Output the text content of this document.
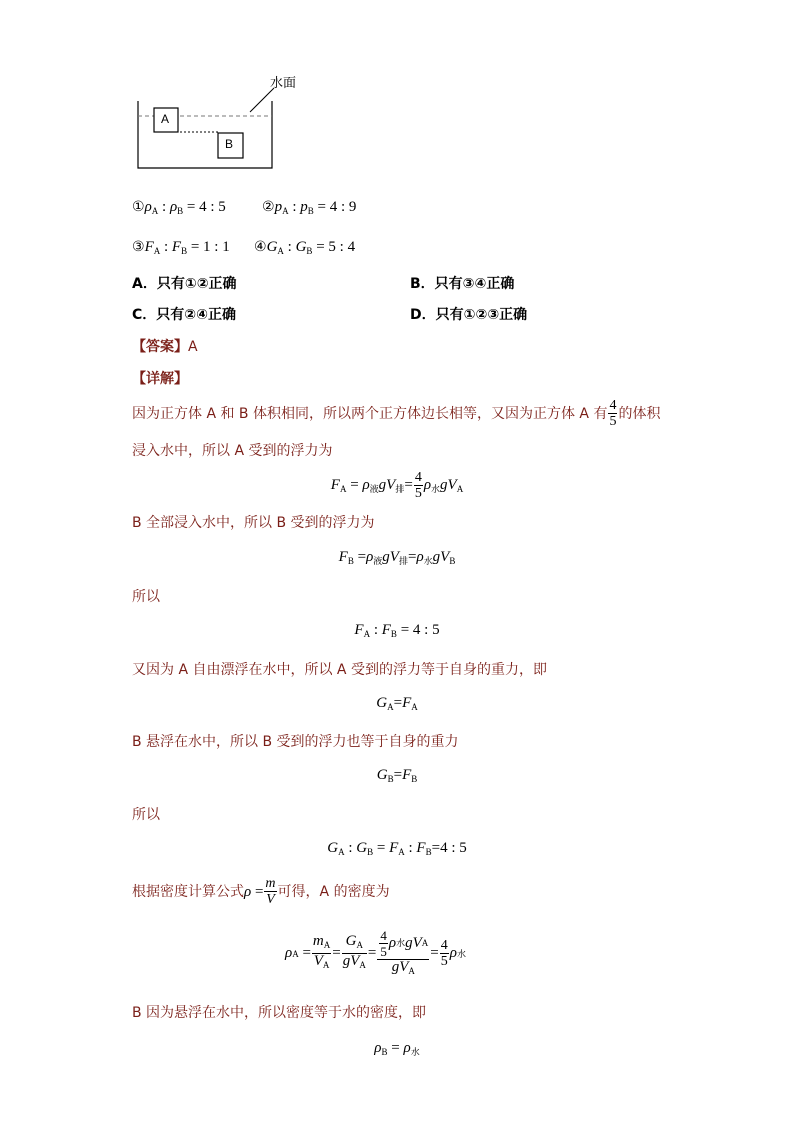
水面
A
B
$①\rho_A$ : $\rho_B = 4$ : 5	$②p_A$ : $p_B = 4$ : 9
$③F_A$ : $F_B = 1$ : 1 $④G_A$ : $G_B = 5$ : 4
A．只有①②正确	B．只有③④正确
C．只有②④正确	D．只有①②③正确
【答案】A
【详解】
因为正方体 A 和 B 体积相同，所以两个正方体边长相等，又因为正方体 A 有 $\frac{4}{5}$ 的体积
浸入水中，所以 A 受到的浮力为
$F_A = \rho_液gV_排= \frac{4}{5} \rho_水gV_A$
B 全部浸入水中，所以 B 受到的浮力为
$F_B =\rho_液gV_排=\rho_水gV_B$
所以
$F_A$ : $F_B = 4$ : 5
又因为 A 自由漂浮在水中，所以 A 受到的浮力等于自身的重力，即
$G_A=F_A$
B 悬浮在水中，所以 B 受到的浮力也等于自身的重力
$G_B=F_B$
所以
$G_A$ : $G_B = F_A$ : $F_B=4$ : 5
根据密度计算公式 $\rho = \frac{m}{V}$ 可得，A 的密度为
ρ $A = \frac{m_A}{V_A} = \frac{G_A}{gV_A} = \frac{\frac{4}{5} \rho 水 gV A}{gV_A} = \frac{4}{5}$ ρ 水
B 因为悬浮在水中，所以密度等于水的密度，即
$\rho_B = \rho_水$
